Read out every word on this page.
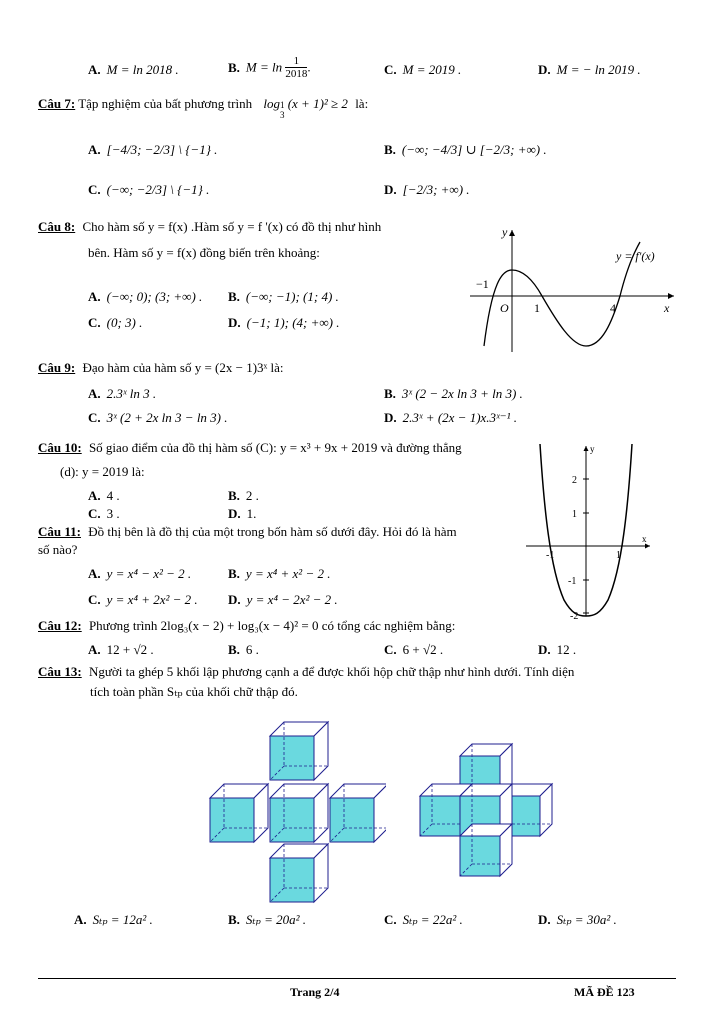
A. M = ln 2018 .	B. $M = \ln \frac{1}{2018}$ .	C. M = 2019 .	D. M = − ln 2019 .
Câu 7: Tập nghiệm của bất phương trình log 1
3
(x + 1)² ≥ 2 là:
A. [−4/3; −2/3] \ {−1} .	B. (−∞; −4/3] ∪ [−2/3; +∞) .
C. (−∞; −2/3] \ {−1} .	D. [−2/3; +∞) .
Câu 8: Cho hàm số y = f(x) .Hàm số y = f '(x) có đồ thị như hình
bên. Hàm số y = f(x) đồng biến trên khoảng:
A. (−∞; 0); (3; +∞) . B. (−∞; −1); (1; 4) .
C. (0; 3) .	D. (−1; 1); (4; +∞) .
y
x
O
−1
1	4
y = f'(x)
Câu 9: Đạo hàm của hàm số y = (2x − 1)3ˣ là:
A. 2.3ˣ ln 3 .	B. 3ˣ (2 − 2x ln 3 + ln 3) .
C. 3ˣ (2 + 2x ln 3 − ln 3) .	D. 2.3ˣ + (2x − 1)x.3ˣ⁻¹ .
Câu 10: Số giao điểm của đồ thị hàm số (C): y = x³ + 9x + 2019 và đường thẳng
(d): y = 2019 là:
A. 4 .	B. 2 .
C. 3 .	D. 1.
Câu 11: Đồ thị bên là đồ thị của một trong bốn hàm số dưới đây. Hỏi đó là hàm
số nào?
A. y = x⁴ − x² − 2 .	B. y = x⁴ + x² − 2 .
C. y = x⁴ + 2x² − 2 . D. y = x⁴ − 2x² − 2 .
y
x
2
1
-1
-2
-1	1
Câu 12: Phương trình 2log₃(x − 2) + log₃(x − 4)² = 0 có tổng các nghiệm bằng:
A. 12 + √2 .	B. 6 .	C. 6 + √2 .	D. 12 .
Câu 13: Người ta ghép 5 khối lập phương cạnh a để được khối hộp chữ thập như hình dưới. Tính diện
tích toàn phần Sₜₚ của khối chữ thập đó.
A. Sₜₚ = 12a² .	B. Sₜₚ = 20a² .	C. Sₜₚ = 22a² .	D. Sₜₚ = 30a² .
Trang 2/4	MÃ ĐỀ 123
